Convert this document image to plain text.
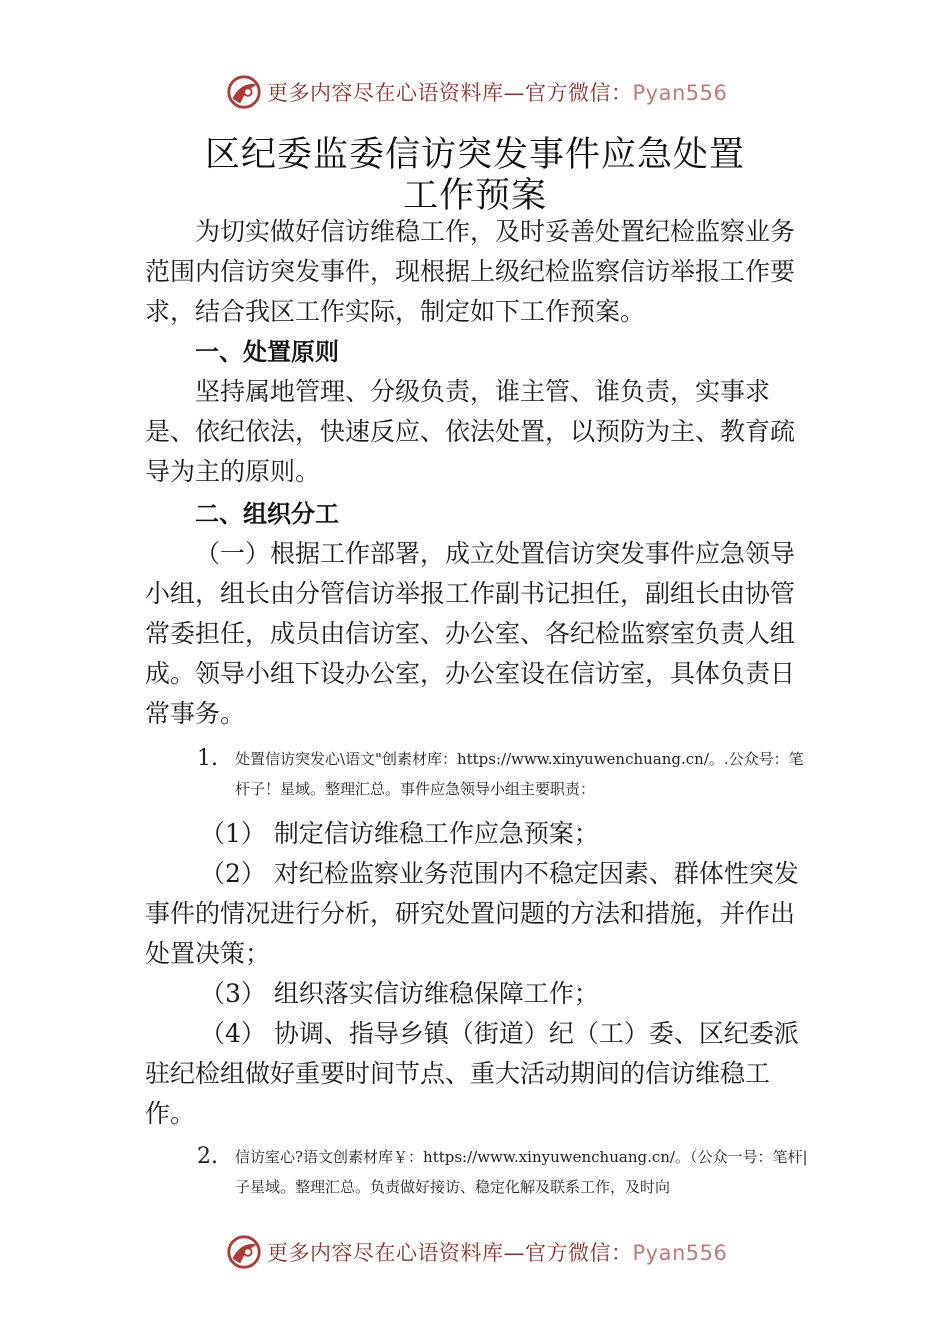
更多内容尽在心语资料库—官方微信：Pyan556
区纪委监委信访突发事件应急处置
工作预案

为切实做好信访维稳工作，及时妥善处置纪检监察业务范围内信访突发事件，现根据上级纪检监察信访举报工作要求，结合我区工作实际，制定如下工作预案。

一、处置原则

坚持属地管理、分级负责，谁主管、谁负责，实事求是、依纪依法，快速反应、依法处置，以预防为主、教育疏导为主的原则。

二、组织分工

（一）根据工作部署，成立处置信访突发事件应急领导小组，组长由分管信访举报工作副书记担任，副组长由协管常委担任，成员由信访室、办公室、各纪检监察室负责人组成。领导小组下设办公室，办公室设在信访室，具体负责日常事务。

1. 处置信访突发心\语文"创素材库：https://www.xinyuwenchuang.cn/。.公众号：笔杆子！星域。整理汇总。事件应急领导小组主要职责：

（1） 制定信访维稳工作应急预案；

（2） 对纪检监察业务范围内不稳定因素、群体性突发事件的情况进行分析，研究处置问题的方法和措施，并作出处置决策；

（3） 组织落实信访维稳保障工作；

（4） 协调、指导乡镇（街道）纪（工）委、区纪委派驻纪检组做好重要时间节点、重大活动期间的信访维稳工作。

2. 信访室心?语文创素材库￥：https://www.xinyuwenchuang.cn/。（公众一号：笔杆|子星域。整理汇总。负责做好接访、稳定化解及联系工作，及时向
更多内容尽在心语资料库—官方微信：Pyan556
